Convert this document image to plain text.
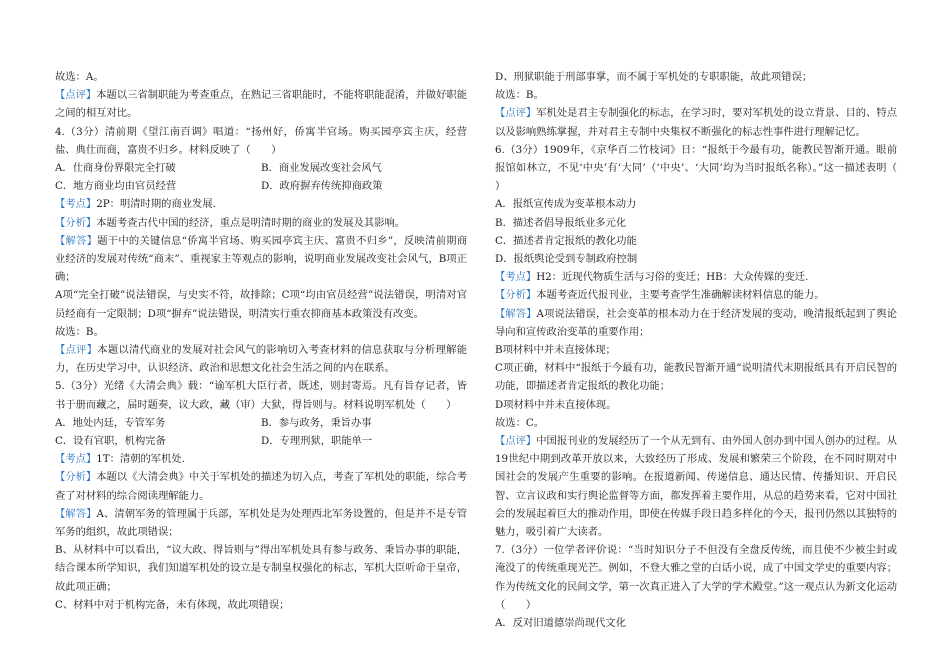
故选：A。

【点评】本题以三省制职能为考查重点，在熟记三省职能时，不能将职能混淆，并做好职能之间的相互对比。

4.（3分）清前期《望江南百调》唱道：“扬州好，侨寓半官场。购买园亭宾主庆，经营盐、典仕而商，富贵不归乡。材料反映了（　　）

A．仕商身份界限完全打破	B．商业发展改变社会风气
C．地方商业均由官员经营	D．政府摒弃传统抑商政策

【考点】2P：明清时期的商业发展.

【分析】本题考查古代中国的经济，重点是明清时期的商业的发展及其影响。

【解答】题干中的关键信息“侨寓半官场、购买园亭宾主庆、富贵不归乡”，反映清前期商业经济的发展对传统“商末”、重视家主等观点的影响，说明商业发展改变社会风气，B项正确；

A项“完全打破”说法错误，与史实不符，故排除；C项“均由官员经营”说法错误，明清对官员经商有一定限制；D项“摒弃”说法错误，明清实行重农抑商基本政策没有改变。

故选：B。

【点评】本题以清代商业的发展对社会风气的影响切入考查材料的信息获取与分析理解能力，在历史学习中，认识经济、政治和思想文化社会生活之间的内在联系。

5.（3分）光绪《大清会典》载：“谕军机大臣行者，既述，则封寄焉。凡有旨存记者，皆书于册而藏之，届时题奏，议大政，藏（审）大狱，得旨则与。材料说明军机处（　　）

A．地处内廷，专管军务	B．参与政务，秉旨办事
C．设有官职，机构完备	D．专理刑狱，职能单一

【考点】1T：清朝的军机处.

【分析】本题以《大清会典》中关于军机处的描述为切入点，考查了军机处的职能，综合考查了对材料的综合阅读理解能力。

【解答】A、清朝军务的管理属于兵部，军机处是为处理西北军务设置的，但是并不是专管军务的组织，故此项错误；

B、从材料中可以看出，“议大政、得旨则与”得出军机处具有参与政务、秉旨办事的职能，结合课本所学知识，我们知道军机处的设立是专制皇权强化的标志，军机大臣听命于皇帝，故此项正确；

C、材料中对于机构完备，未有体现，故此项错误；

D、刑狱职能于刑部事掌，而不属于军机处的专职职能，故此项错误；

故选：B。

【点评】军机处是君主专制强化的标志，在学习时，要对军机处的设立背景、目的、特点以及影响熟练掌握，并对君主专制中央集权不断强化的标志性事件进行理解记忆。

6.（3分）1909年，《京华百二竹枝词》日：“报纸于今最有功，能教民智渐开通。眼前报馆如林立，不见‘中央’有‘大同’（‘中央’、‘大同’均为当时报纸名称）。”这一描述表明（　　）

A．报纸宣传成为变革根本动力
B．描述者倡导报纸业多元化
C．描述者肯定报纸的教化功能
D．报纸舆论受到专制政府控制

【考点】H2：近现代物质生活与习俗的变迁；HB：大众传媒的变迁.

【分析】本题考查近代报刊业，主要考查学生准确解读材料信息的能力。

【解答】A项说法错误，社会变革的根本动力在于经济发展的变动，晚清报纸起到了舆论导向和宣传政治变革的重要作用；

B项材料中并未直接体现；

C项正确，材料中“报纸于今最有功，能教民智渐开通”说明清代末期报纸具有开启民智的功能，即描述者肯定报纸的教化功能；

D项材料中并未直接体现。

故选：C。

【点评】中国报刊业的发展经历了一个从无到有、由外国人创办到中国人创办的过程。从19世纪中期到改革开放以来，大致经历了形成、发展和繁荣三个阶段，在不同时期对中国社会的发展产生重要的影响。在报道新闻、传递信息、通达民情、传播知识、开启民智、立言议政和实行舆论监督等方面，都发挥着主要作用，从总的趋势来看，它对中国社会的发展起着巨大的推动作用，即使在传媒手段日趋多样化的今天，报刊仍然以其独特的魅力，吸引着广大读者。

7.（3分）一位学者评价说：“当时知识分子不但没有全盘反传统，而且使不少被尘封或淹没了的传统重现光芒。例如，不登大雅之堂的白话小说，成了中国文学史的重要内容；作为传统文化的民间文学，第一次真正进入了大学的学术殿堂。”这一观点认为新文化运动（　　）

A．反对旧道德崇尚现代文化
